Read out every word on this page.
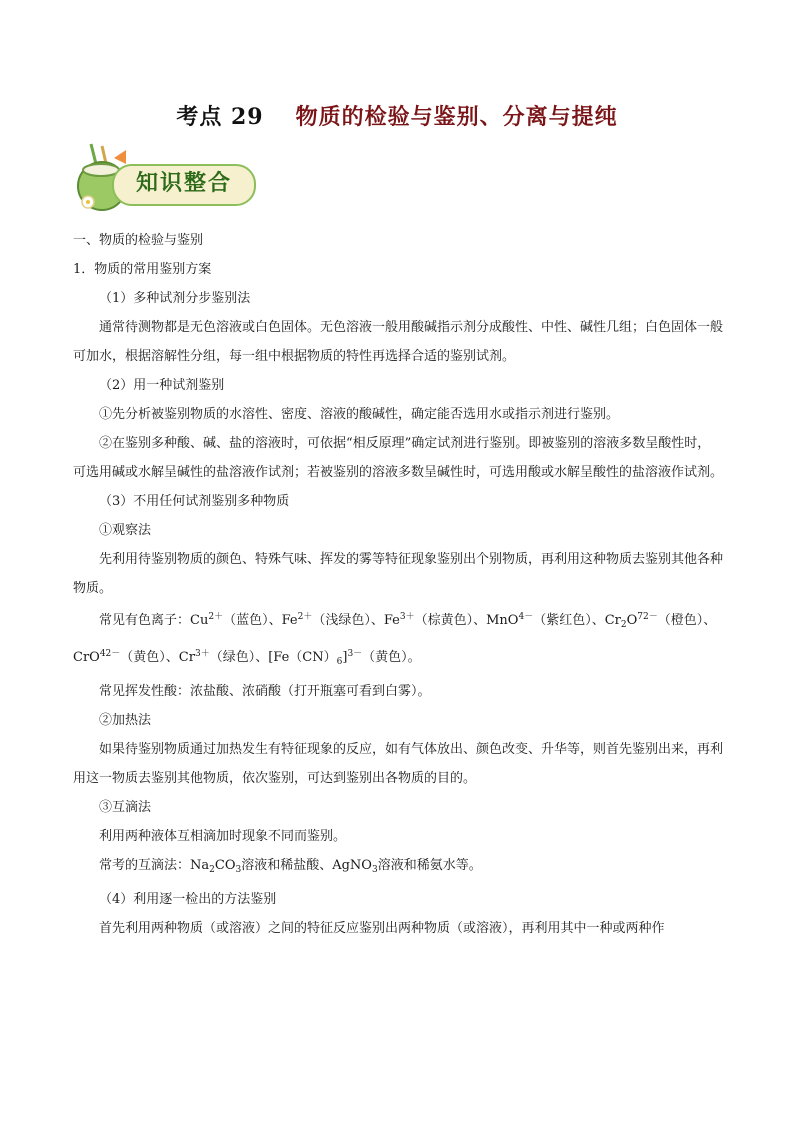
考点 29 物质的检验与鉴别、分离与提纯
知识整合

一、物质的检验与鉴别

1．物质的常用鉴别方案

（1）多种试剂分步鉴别法

通常待测物都是无色溶液或白色固体。无色溶液一般用酸碱指示剂分成酸性、中性、碱性几组；白色固体一般可加水，根据溶解性分组，每一组中根据物质的特性再选择合适的鉴别试剂。

（2）用一种试剂鉴别

①先分析被鉴别物质的水溶性、密度、溶液的酸碱性，确定能否选用水或指示剂进行鉴别。

②在鉴别多种酸、碱、盐的溶液时，可依据“相反原理”确定试剂进行鉴别。即被鉴别的溶液多数呈酸性时，可选用碱或水解呈碱性的盐溶液作试剂；若被鉴别的溶液多数呈碱性时，可选用酸或水解呈酸性的盐溶液作试剂。

（3）不用任何试剂鉴别多种物质

①观察法

先利用待鉴别物质的颜色、特殊气味、挥发的雾等特征现象鉴别出个别物质，再利用这种物质去鉴别其他各种物质。

常见有色离子：$Cu^{2+}$（蓝色）、$Fe^{2+}$（浅绿色）、$Fe^{3+}$（棕黄色）、MnO$^{4-}$（紫红色）、$Cr_2O^{72-}$（橙色）、CrO$^{42-}$（黄色）、$Cr^{3+}$（绿色）、$[Fe(CN)_6]^{3-}$（黄色）。

常见挥发性酸：浓盐酸、浓硝酸（打开瓶塞可看到白雾）。

②加热法

如果待鉴别物质通过加热发生有特征现象的反应，如有气体放出、颜色改变、升华等，则首先鉴别出来，再利用这一物质去鉴别其他物质，依次鉴别，可达到鉴别出各物质的目的。

③互滴法

利用两种液体互相滴加时现象不同而鉴别。

常考的互滴法：$Na_2CO_3$溶液和稀盐酸、AgNO$_3$溶液和稀氨水等。

（4）利用逐一检出的方法鉴别

首先利用两种物质（或溶液）之间的特征反应鉴别出两种物质（或溶液），再利用其中一种或两种作
